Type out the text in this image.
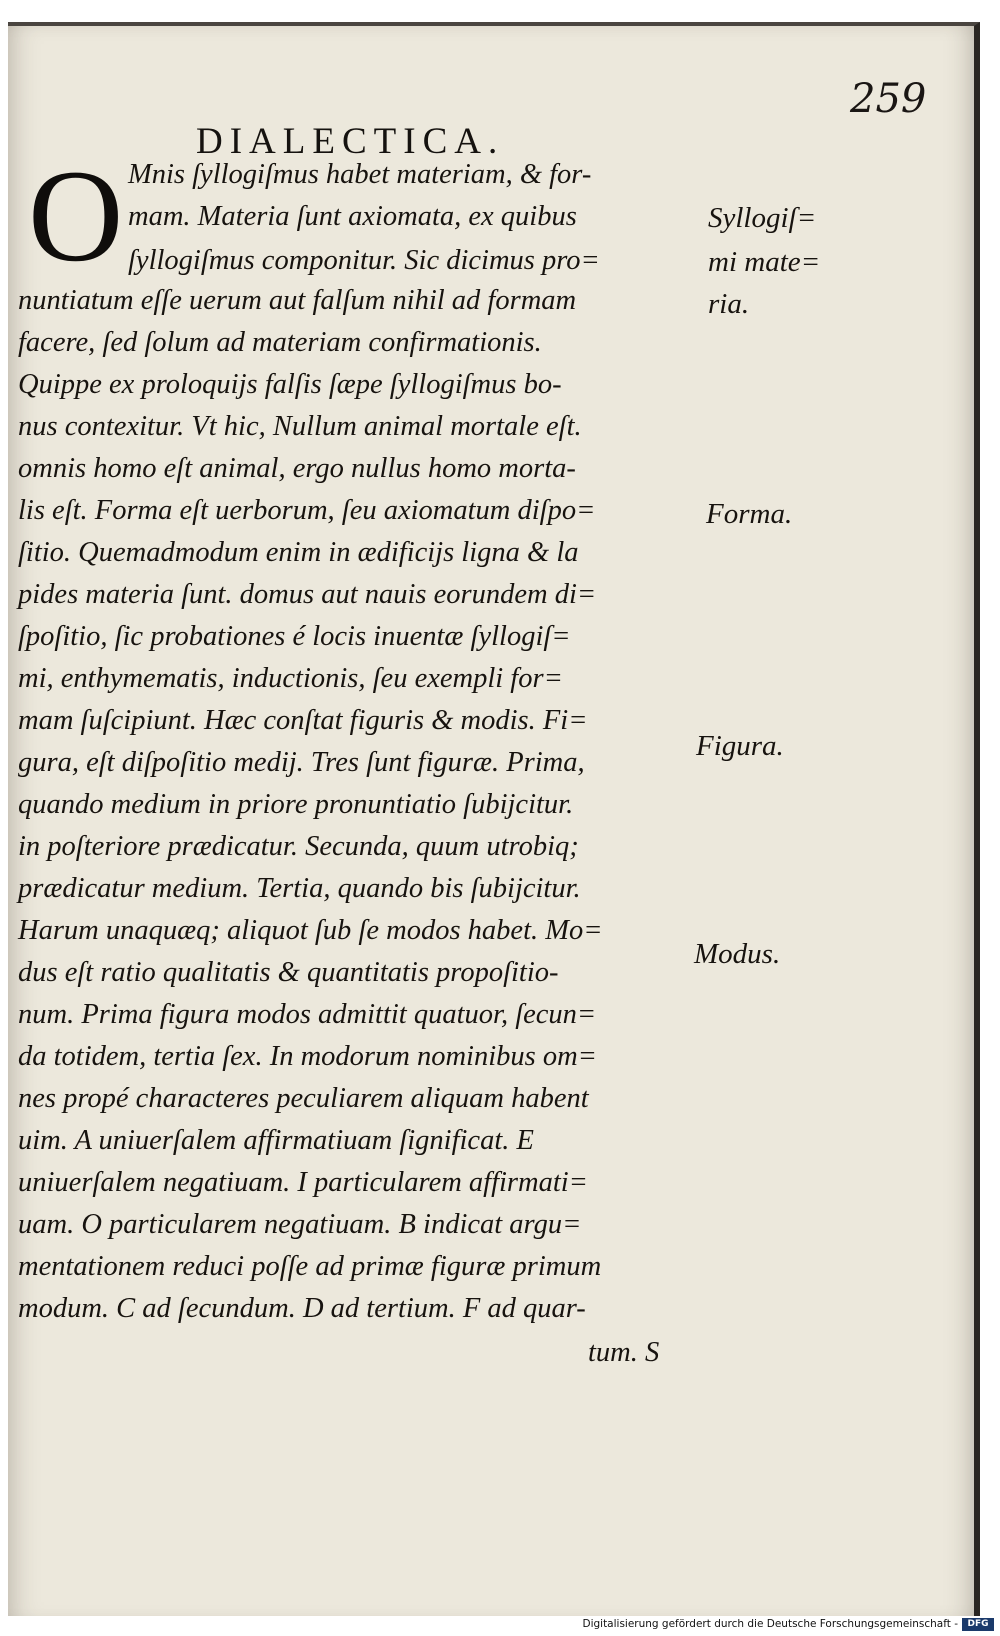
259
DIALECTICA.
O Mnis ſyllogiſmus habet materiam, & for-
mam. Materia ſunt axiomata, ex quibus
ſyllogiſmus componitur. Sic dicimus pro=
nuntiatum eſſe uerum aut falſum nihil ad formam
facere, ſed ſolum ad materiam confirmationis.
Quippe ex proloquijs falſis ſæpe ſyllogiſmus bo-
nus contexitur. Vt hic, Nullum animal mortale eſt.
omnis homo eſt animal, ergo nullus homo morta-
lis eſt. Forma eſt uerborum, ſeu axiomatum diſpo=
ſitio. Quemadmodum enim in ædificijs ligna & la
pides materia ſunt. domus aut nauis eorundem di=
ſpoſitio, ſic probationes é locis inuentæ ſyllogiſ=
mi, enthymematis, inductionis, ſeu exempli for=
mam ſuſcipiunt. Hæc conſtat figuris & modis. Fi=
gura, eſt diſpoſitio medij. Tres ſunt figuræ. Prima,
quando medium in priore pronuntiatio ſubijcitur.
in poſteriore prædicatur. Secunda, quum utrobiq;
prædicatur medium. Tertia, quando bis ſubijcitur.
Harum unaquæq; aliquot ſub ſe modos habet. Mo=
dus eſt ratio qualitatis & quantitatis propoſitio-
num. Prima figura modos admittit quatuor, ſecun=
da totidem, tertia ſex. In modorum nominibus om=
nes propé characteres peculiarem aliquam habent
uim. A uniuerſalem affirmatiuam ſignificat. E
uniuerſalem negatiuam. I particularem affirmati=
uam. O particularem negatiuam. B indicat argu=
mentationem reduci poſſe ad primæ figuræ primum
modum. C ad ſecundum. D ad tertium. F ad quar-
tum. S
Syllogiſ=
mi mate=
ria.
Forma.
Figura.
Modus.
Digitalisierung gefördert durch die Deutsche Forschungsgemeinschaft -	DFG
